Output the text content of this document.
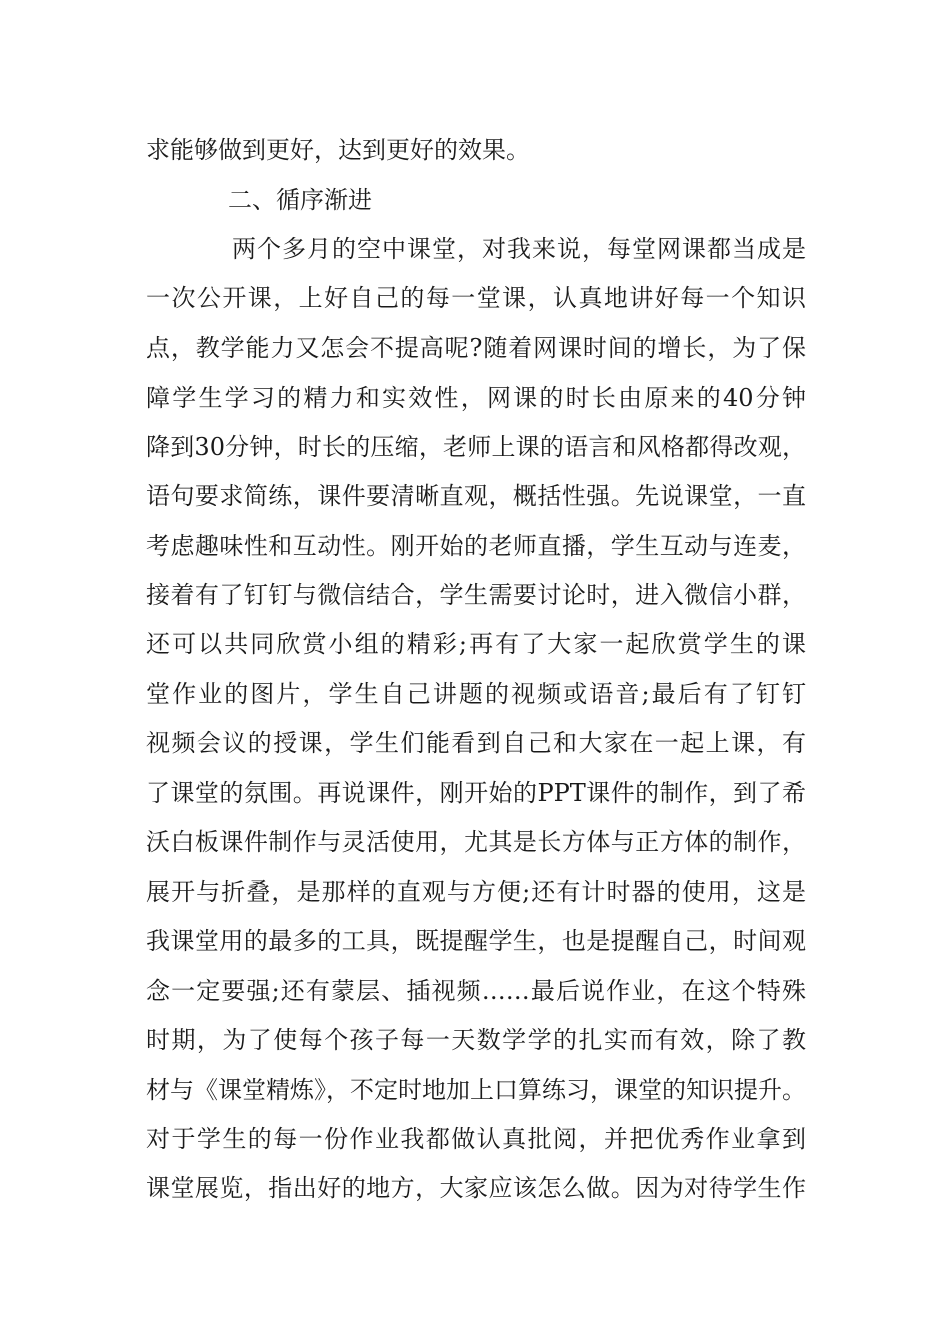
求能够做到更好，达到更好的效果。
二、循序渐进
两个多月的空中课堂，对我来说，每堂网课都当成是
一次公开课，上好自己的每一堂课，认真地讲好每一个知识
点，教学能力又怎会不提高呢?随着网课时间的增长，为了保
障学生学习的精力和实效性，网课的时长由原来的40分钟
降到30分钟，时长的压缩，老师上课的语言和风格都得改观，
语句要求简练，课件要清晰直观，概括性强。先说课堂，一直
考虑趣味性和互动性。刚开始的老师直播，学生互动与连麦，
接着有了钉钉与微信结合，学生需要讨论时，进入微信小群，
还可以共同欣赏小组的精彩;再有了大家一起欣赏学生的课
堂作业的图片，学生自己讲题的视频或语音;最后有了钉钉
视频会议的授课，学生们能看到自己和大家在一起上课，有
了课堂的氛围。再说课件，刚开始的PPT课件的制作，到了希
沃白板课件制作与灵活使用，尤其是长方体与正方体的制作，
展开与折叠，是那样的直观与方便;还有计时器的使用，这是
我课堂用的最多的工具，既提醒学生，也是提醒自己，时间观
念一定要强;还有蒙层、插视频……最后说作业，在这个特殊
时期，为了使每个孩子每一天数学学的扎实而有效，除了教
材与《课堂精炼》，不定时地加上口算练习，课堂的知识提升。
对于学生的每一份作业我都做认真批阅，并把优秀作业拿到
课堂展览，指出好的地方，大家应该怎么做。因为对待学生作
